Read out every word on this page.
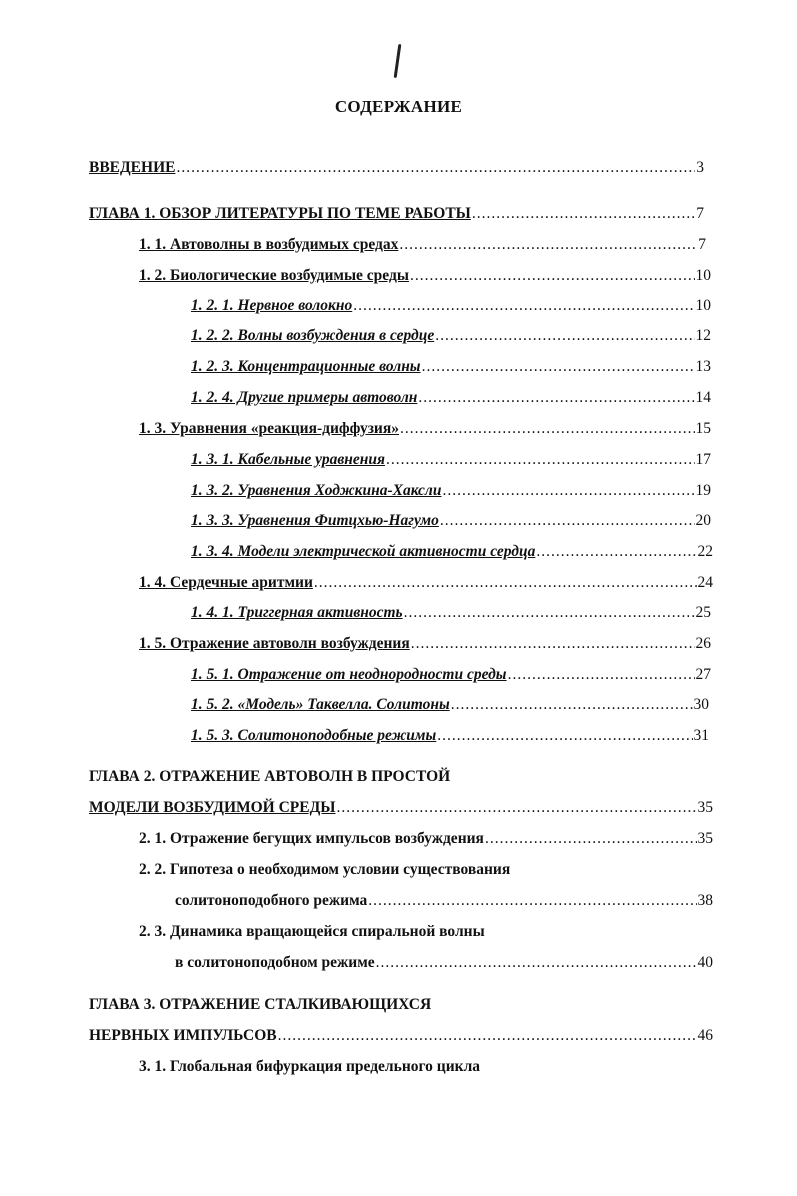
СОДЕРЖАНИЕ
ВВЕДЕНИЕ .....	3
ГЛАВА 1. ОБЗОР ЛИТЕРАТУРЫ ПО ТЕМЕ РАБОТЫ .....	7
1. 1. Автоволны в возбудимых средах .....	7
1. 2. Биологические возбудимые среды .....	10
1. 2. 1. Нервное волокно .....	10
1. 2. 2. Волны возбуждения в сердце .....	12
1. 2. 3. Концентрационные волны .....	13
1. 2. 4. Другие примеры автоволн .....	14
1. 3. Уравнения «реакция-диффузия» .....	15
1. 3. 1. Кабельные уравнения .....	17
1. 3. 2. Уравнения Ходжкина-Хаксли .....	19
1. 3. 3. Уравнения Фитцхью-Нагумо .....	20
1. 3. 4. Модели электрической активности сердца .....	22
1. 4. Сердечные аритмии .....	24
1. 4. 1. Триггерная активность .....	25
1. 5. Отражение автоволн возбуждения .....	26
1. 5. 1. Отражение от неоднородности среды .....	27
1. 5. 2. «Модель» Таквелла. Солитоны .....	30
1. 5. 3. Солитоноподобные режимы .....	31
ГЛАВА 2. ОТРАЖЕНИЕ АВТОВОЛН В ПРОСТОЙ
МОДЕЛИ ВОЗБУДИМОЙ СРЕДЫ .....	35
2. 1. Отражение бегущих импульсов возбуждения .....	35
2. 2. Гипотеза о необходимом условии существования
солитоноподобного режима .....	38
2. 3. Динамика вращающейся спиральной волны
в солитоноподобном режиме .....	40
ГЛАВА 3. ОТРАЖЕНИЕ СТАЛКИВАЮЩИХСЯ
НЕРВНЫХ ИМПУЛЬСОВ .....	46
3. 1. Глобальная бифуркация предельного цикла
